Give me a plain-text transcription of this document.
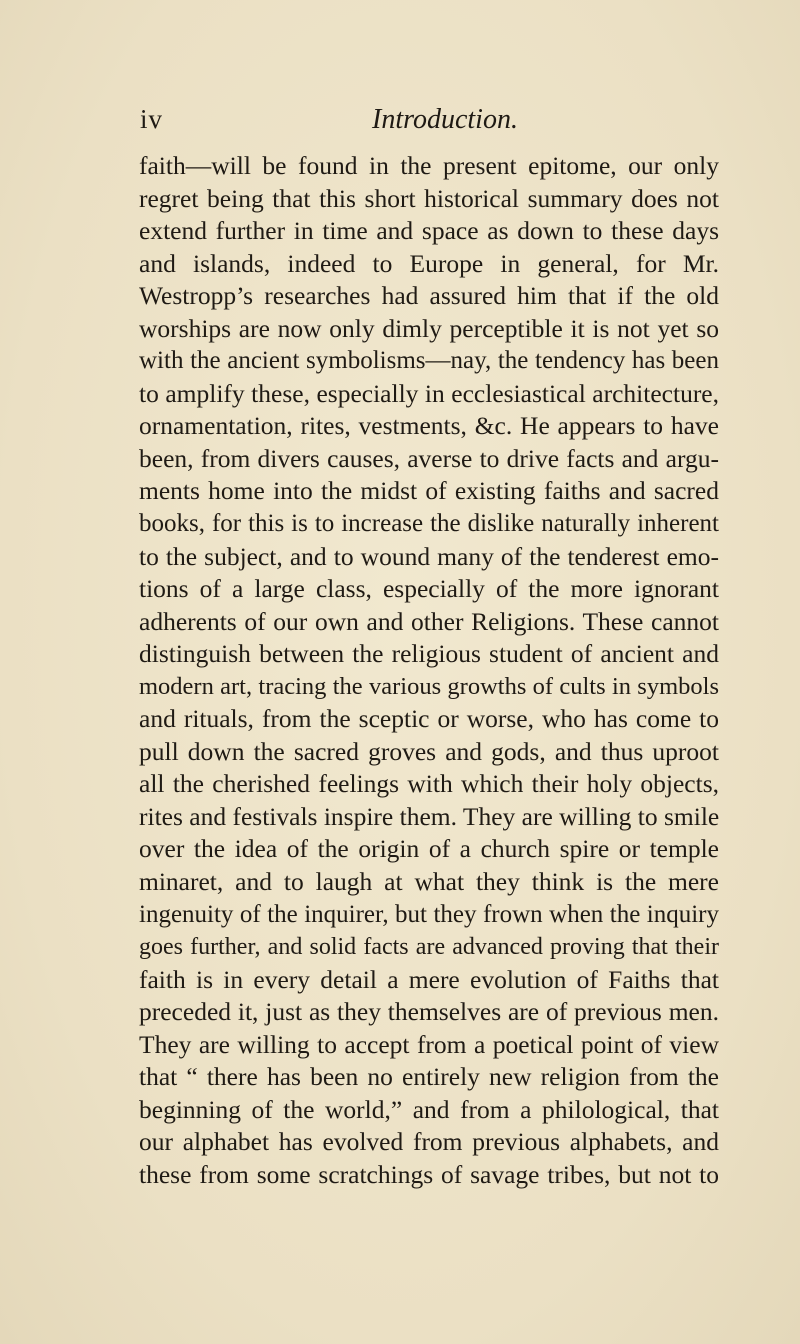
iv	Introduction.
faith—will be found in the present epitome, our only
regret being that this short historical summary does not
extend further in time and space as down to these days
and islands, indeed to Europe in general, for Mr.
Westropp’s researches had assured him that if the old
worships are now only dimly perceptible it is not yet so
with the ancient symbolisms—nay, the tendency has been
to amplify these, especially in ecclesiastical architecture,
ornamentation, rites, vestments, &c. He appears to have
been, from divers causes, averse to drive facts and argu-
ments home into the midst of existing faiths and sacred
books, for this is to increase the dislike naturally inherent
to the subject, and to wound many of the tenderest emo-
tions of a large class, especially of the more ignorant
adherents of our own and other Religions. These cannot
distinguish between the religious student of ancient and
modern art, tracing the various growths of cults in symbols
and rituals, from the sceptic or worse, who has come to
pull down the sacred groves and gods, and thus uproot
all the cherished feelings with which their holy objects,
rites and festivals inspire them. They are willing to smile
over the idea of the origin of a church spire or temple
minaret, and to laugh at what they think is the mere
ingenuity of the inquirer, but they frown when the inquiry
goes further, and solid facts are advanced proving that their
faith is in every detail a mere evolution of Faiths that
preceded it, just as they themselves are of previous men.
They are willing to accept from a poetical point of view
that “ there has been no entirely new religion from the
beginning of the world,” and from a philological, that
our alphabet has evolved from previous alphabets, and
these from some scratchings of savage tribes, but not to
